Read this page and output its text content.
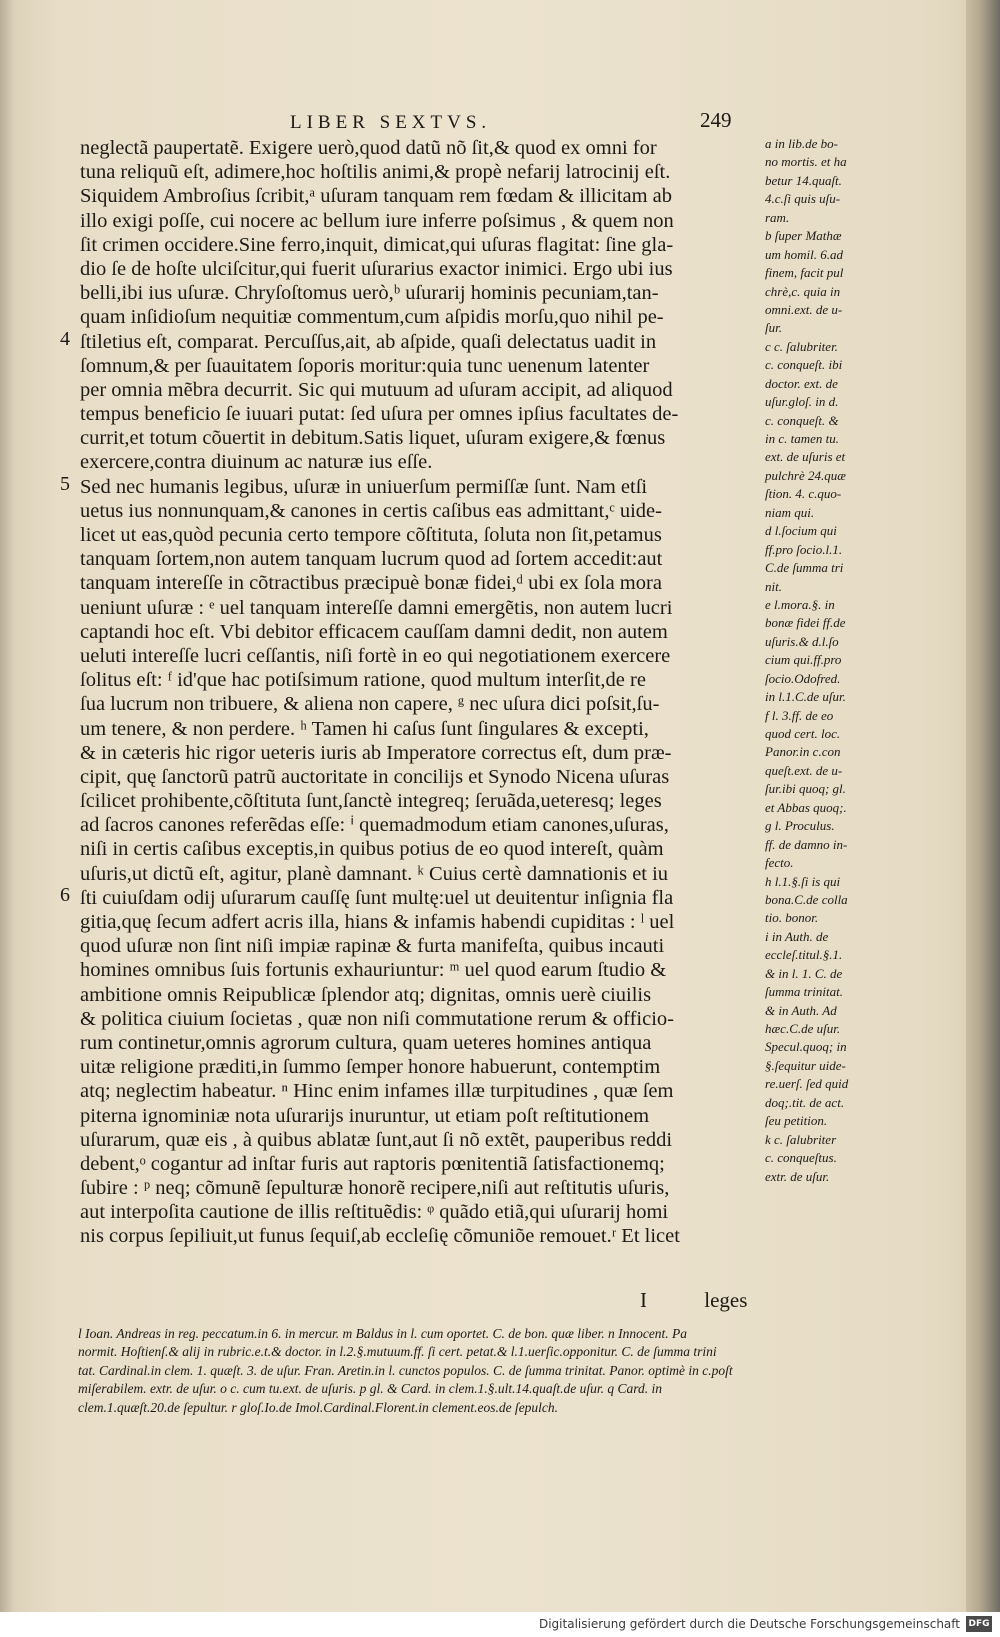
LIBER SEXTVS.	249
neglectã paupertatẽ. Exigere uerò,quod datũ nõ ſit,& quod ex omni for
tuna reliquũ eſt, adimere,hoc hoſtilis animi,& propè nefarij latrocinij eſt.
Siquidem Ambroſius ſcribit,ᵃ uſuram tanquam rem fœdam & illicitam ab
illo exigi poſſe, cui nocere ac bellum iure inferre poſsimus , & quem non
ſit crimen occidere.Sine ferro,inquit, dimicat,qui uſuras flagitat: ſine gla-
dio ſe de hoſte ulciſcitur,qui fuerit uſurarius exactor inimici. Ergo ubi ius
belli,ibi ius uſuræ. Chryſoſtomus uerò,ᵇ uſurarij hominis pecuniam,tan-
quam inſidioſum nequitiæ commentum,cum aſpidis morſu,quo nihil pe-
ſtiletius eſt, comparat. Percuſſus,ait, ab aſpide, quaſi delectatus uadit in
ſomnum,& per ſuauitatem ſoporis moritur:quia tunc uenenum latenter
per omnia mẽbra decurrit. Sic qui mutuum ad uſuram accipit, ad aliquod
tempus beneficio ſe iuuari putat: ſed uſura per omnes ipſius facultates de-
currit,et totum cõuertit in debitum.Satis liquet, uſuram exigere,& fœnus
exercere,contra diuinum ac naturæ ius eſſe.
Sed nec humanis legibus, uſuræ in uniuerſum permiſſæ ſunt. Nam etſi
uetus ius nonnunquam,& canones in certis caſibus eas admittant,ᶜ uide-
licet ut eas,quòd pecunia certo tempore cõſtituta, ſoluta non ſit,petamus
tanquam ſortem,non autem tanquam lucrum quod ad ſortem accedit:aut
tanquam intereſſe in cõtractibus præcipuè bonæ fidei,ᵈ ubi ex ſola mora
ueniunt uſuræ : ᵉ uel tanquam intereſſe damni emergẽtis, non autem lucri
captandi hoc eſt. Vbi debitor efficacem cauſſam damni dedit, non autem
ueluti intereſſe lucri ceſſantis, niſi fortè in eo qui negotiationem exercere
ſolitus eſt: ᶠ id'que hac potiſsimum ratione, quod multum interſit,de re
ſua lucrum non tribuere, & aliena non capere, ᵍ nec uſura dici poſsit,ſu-
um tenere, & non perdere. ʰ Tamen hi caſus ſunt ſingulares & excepti,
& in cæteris hic rigor ueteris iuris ab Imperatore correctus eſt, dum præ-
cipit, quę ſanctorũ patrũ auctoritate in concilijs et Synodo Nicena uſuras
ſcilicet prohibente,cõſtituta ſunt,ſanctè integreq; ſeruãda,ueteresq; leges
ad ſacros canones referẽdas eſſe: ⁱ quemadmodum etiam canones,uſuras,
niſi in certis caſibus exceptis,in quibus potius de eo quod intereſt, quàm
uſuris,ut dictũ eſt, agitur, planè damnant. ᵏ Cuius certè damnationis et iu
ſti cuiuſdam odij uſurarum cauſſę ſunt multę:uel ut deuitentur inſignia fla
gitia,quę ſecum adfert acris illa, hians & infamis habendi cupiditas : ˡ uel
quod uſuræ non ſint niſi impiæ rapinæ & furta manifeſta, quibus incauti
homines omnibus ſuis fortunis exhauriuntur: ᵐ uel quod earum ſtudio &
ambitione omnis Reipublicæ ſplendor atq; dignitas, omnis uerè ciuilis
& politica ciuium ſocietas , quæ non niſi commutatione rerum & officio-
rum continetur,omnis agrorum cultura, quam ueteres homines antiqua
uitæ religione præditi,in ſummo ſemper honore habuerunt, contemptim
atq; neglectim habeatur. ⁿ Hinc enim infames illæ turpitudines , quæ ſem
piterna ignominiæ nota uſurarijs inuruntur, ut etiam poſt reſtitutionem
uſurarum, quæ eis , à quibus ablatæ ſunt,aut ſi nõ extẽt, pauperibus reddi
debent,ᵒ cogantur ad inſtar furis aut raptoris pœnitentiã ſatisfactionemq;
ſubire : ᵖ neq; cõmunẽ ſepulturæ honorẽ recipere,niſi aut reſtitutis uſuris,
aut interpoſita cautione de illis reſtituẽdis: ᵠ quãdo etiã,qui uſurarij homi
nis corpus ſepiliuit,ut funus ſequiſ,ab eccleſię cõmuniõe remouet.ʳ Et licet
4
5
6
a in lib.de bo-
no mortis. et ha
betur 14.quaſt.
4.c.ſi quis uſu-
ram.
b ſuper Mathæ
um homil. 6.ad
finem, facit pul
chrè,c. quia in
omni.ext. de u-
ſur.
c c. ſalubriter.
c. conqueſt. ibi
doctor. ext. de
uſur.gloſ. in d.
c. conqueſt. &
in c. tamen tu.
ext. de uſuris et
pulchrè 24.quæ
ſtion. 4. c.quo-
niam qui.
d l.ſocium qui
ff.pro ſocio.l.1.
C.de ſumma tri
nit.
e l.mora.§. in
bonæ fidei ff.de
uſuris.& d.l.ſo
cium qui.ff.pro
ſocio.Odofred.
in l.1.C.de uſur.
f l. 3.ff. de eo
quod cert. loc.
Panor.in c.con
queſt.ext. de u-
ſur.ibi quoq; gl.
et Abbas quoq;.
g l. Proculus.
ff. de damno in-
fecto.
h l.1.§.ſi is qui
bona.C.de colla
tio. bonor.
i in Auth. de
eccleſ.titul.§.1.
& in l. 1. C. de
ſumma trinitat.
& in Auth. Ad
hæc.C.de uſur.
Specul.quoq; in
§.ſequitur uide-
re.uerſ. ſed quid
doq;.tit. de act.
ſeu petition.
k c. ſalubriter
c. conqueſtus.
extr. de uſur.
I	leges
l Ioan. Andreas in reg. peccatum.in 6. in mercur. m Baldus in l. cum oportet. C. de bon. quæ liber. n Innocent. Pa
normit. Hoſtienſ.& alij in rubric.e.t.& doctor. in l.2.§.mutuum.ff. ſi cert. petat.& l.1.uerſic.opponitur. C. de ſumma trini
tat. Cardinal.in clem. 1. quæſt. 3. de uſur. Fran. Aretin.in l. cunctos populos. C. de ſumma trinitat. Panor. optimè in c.poſt
miſerabilem. extr. de uſur. o c. cum tu.ext. de uſuris. p gl. & Card. in clem.1.§.ult.14.quaſt.de uſur. q Card. in
clem.1.quæſt.20.de ſepultur. r gloſ.Io.de Imol.Cardinal.Florent.in clement.eos.de ſepulch.
Digitalisierung gefördert durch die Deutsche Forschungsgemeinschaft DFG
